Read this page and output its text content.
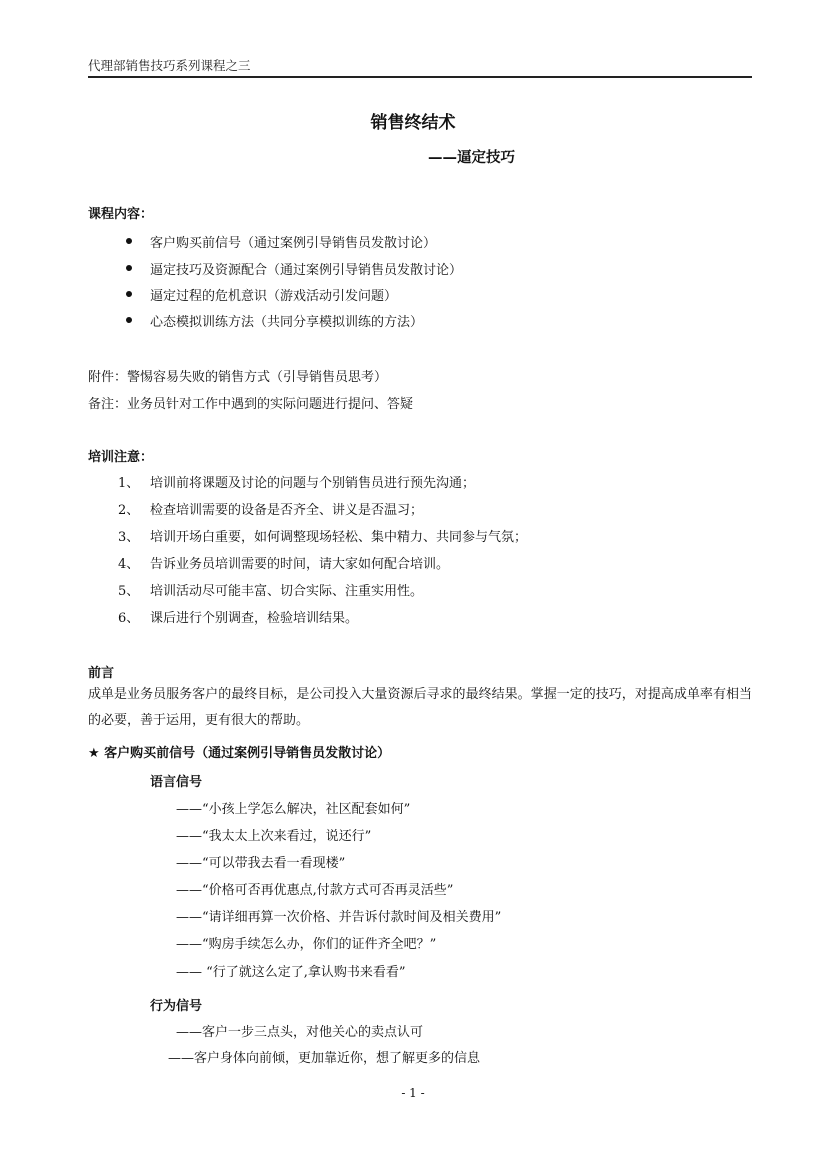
代理部销售技巧系列课程之三
销售终结术
——逼定技巧
课程内容：
客户购买前信号（通过案例引导销售员发散讨论）
逼定技巧及资源配合（通过案例引导销售员发散讨论）
逼定过程的危机意识（游戏活动引发问题）
心态模拟训练方法（共同分享模拟训练的方法）
附件：警惕容易失败的销售方式（引导销售员思考）
备注：业务员针对工作中遇到的实际问题进行提问、答疑
培训注意：
1、 培训前将课题及讨论的问题与个别销售员进行预先沟通；
2、 检查培训需要的设备是否齐全、讲义是否温习；
3、 培训开场白重要，如何调整现场轻松、集中精力、共同参与气氛；
4、 告诉业务员培训需要的时间，请大家如何配合培训。
5、 培训活动尽可能丰富、切合实际、注重实用性。
6、 课后进行个别调查，检验培训结果。
前言
成单是业务员服务客户的最终目标，是公司投入大量资源后寻求的最终结果。掌握一定的技巧，对提高成单率有相当的必要，善于运用，更有很大的帮助。
★ 客户购买前信号（通过案例引导销售员发散讨论）
语言信号
——“小孩上学怎么解决，社区配套如何”
——“我太太上次来看过，说还行”
——“可以带我去看一看现楼”
——“价格可否再优惠点,付款方式可否再灵活些”
——“请详细再算一次价格、并告诉付款时间及相关费用”
——“购房手续怎么办，你们的证件齐全吧？”
—— “行了就这么定了,拿认购书来看看”
行为信号
——客户一步三点头，对他关心的卖点认可
——客户身体向前倾，更加靠近你，想了解更多的信息
- 1 -
